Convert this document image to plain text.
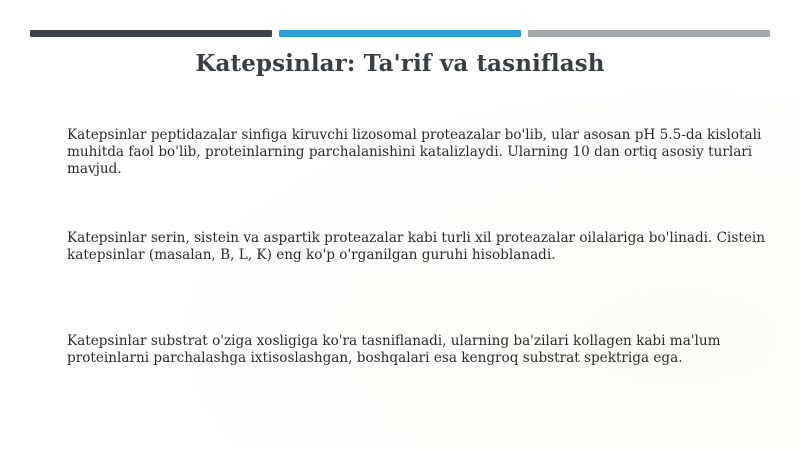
Katepsinlar: Ta'rif va tasniflash
Katepsinlar peptidazalar sinfiga kiruvchi lizosomal proteazalar bo'lib, ular asosan pH 5.5-da kislotali muhitda faol bo'lib, proteinlarning parchalanishini katalizlaydi. Ularning 10 dan ortiq asosiy turlari mavjud.
Katepsinlar serin, sistein va aspartik proteazalar kabi turli xil proteazalar oilalariga bo'linadi. Cistein katepsinlar (masalan, B, L, K) eng ko'p o'rganilgan guruhi hisoblanadi.
Katepsinlar substrat o'ziga xosligiga ko'ra tasniflanadi, ularning ba'zilari kollagen kabi ma'lum proteinlarni parchalashga ixtisoslashgan, boshqalari esa kengroq substrat spektriga ega.
